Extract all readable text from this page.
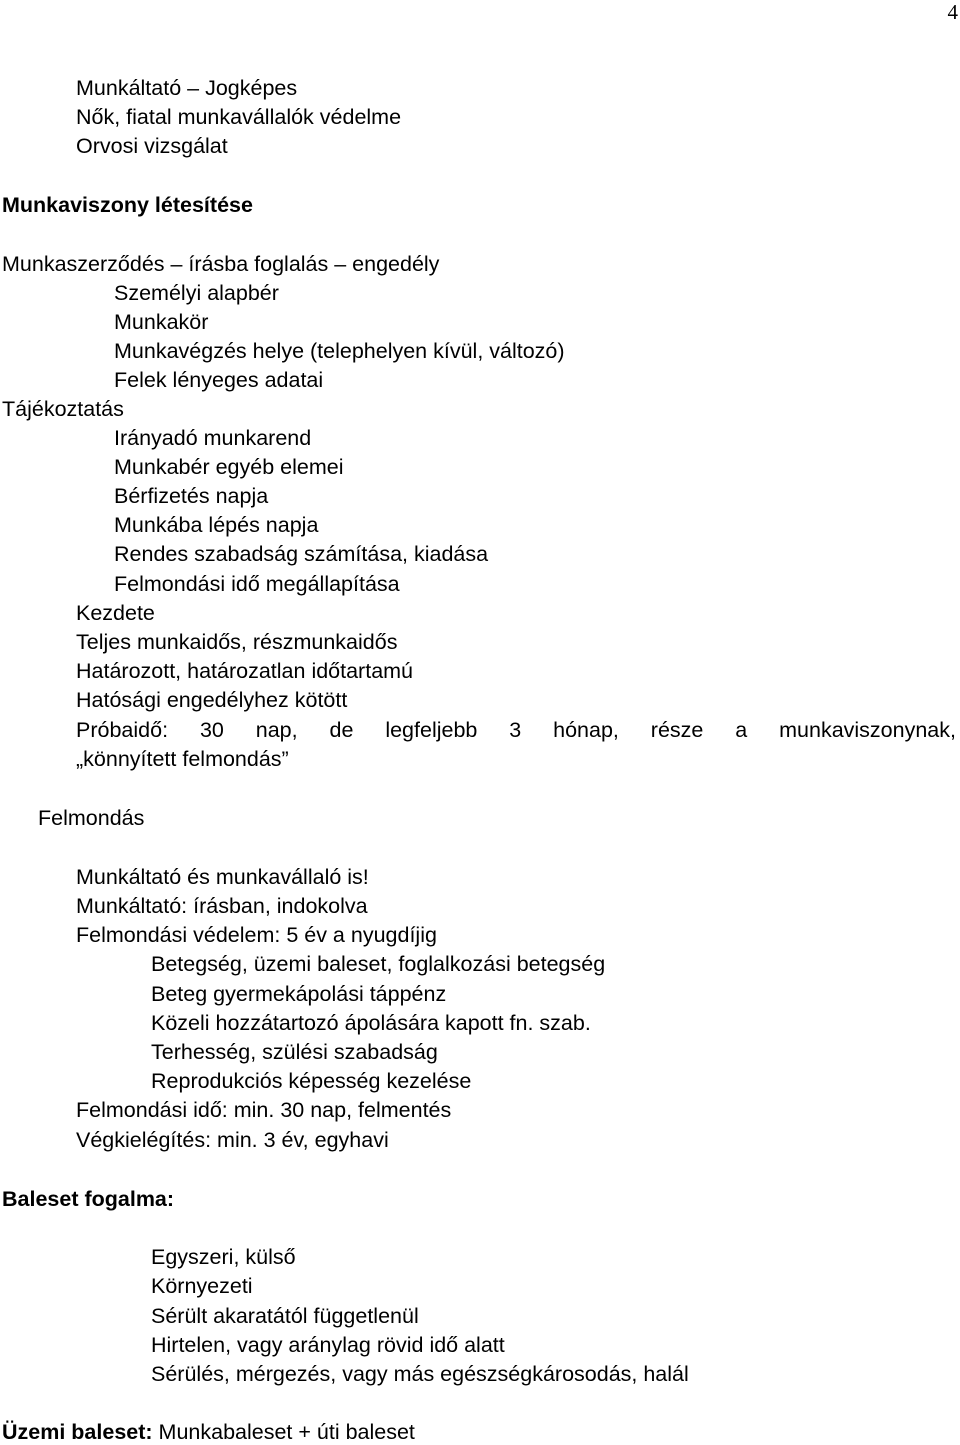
4
Munkáltató – Jogképes
Nők, fiatal munkavállalók védelme
Orvosi vizsgálat
Munkaviszony létesítése
Munkaszerződés – írásba foglalás – engedély
Személyi alapbér
Munkakör
Munkavégzés helye (telephelyen kívül, változó)
Felek lényeges adatai
Tájékoztatás
Irányadó munkarend
Munkabér egyéb elemei
Bérfizetés napja
Munkába lépés napja
Rendes szabadság számítása, kiadása
Felmondási idő megállapítása
Kezdete
Teljes munkaidős, részmunkaidős
Határozott, határozatlan időtartamú
Hatósági engedélyhez kötött
Próbaidő: 30 nap, de legfeljebb 3 hónap, része a munkaviszonynak,
„könnyített felmondás”
Felmondás
Munkáltató és munkavállaló is!
Munkáltató: írásban, indokolva
Felmondási védelem: 5 év a nyugdíjig
Betegség, üzemi baleset, foglalkozási betegség
Beteg gyermekápolási táppénz
Közeli hozzátartozó ápolására kapott fn. szab.
Terhesség, szülési szabadság
Reprodukciós képesség kezelése
Felmondási idő: min. 30 nap, felmentés
Végkielégítés: min. 3 év, egyhavi
Baleset fogalma:
Egyszeri, külső
Környezeti
Sérült akaratától függetlenül
Hirtelen, vagy aránylag rövid idő alatt
Sérülés, mérgezés, vagy más egészségkárosodás, halál
Üzemi baleset: Munkabaleset + úti baleset
